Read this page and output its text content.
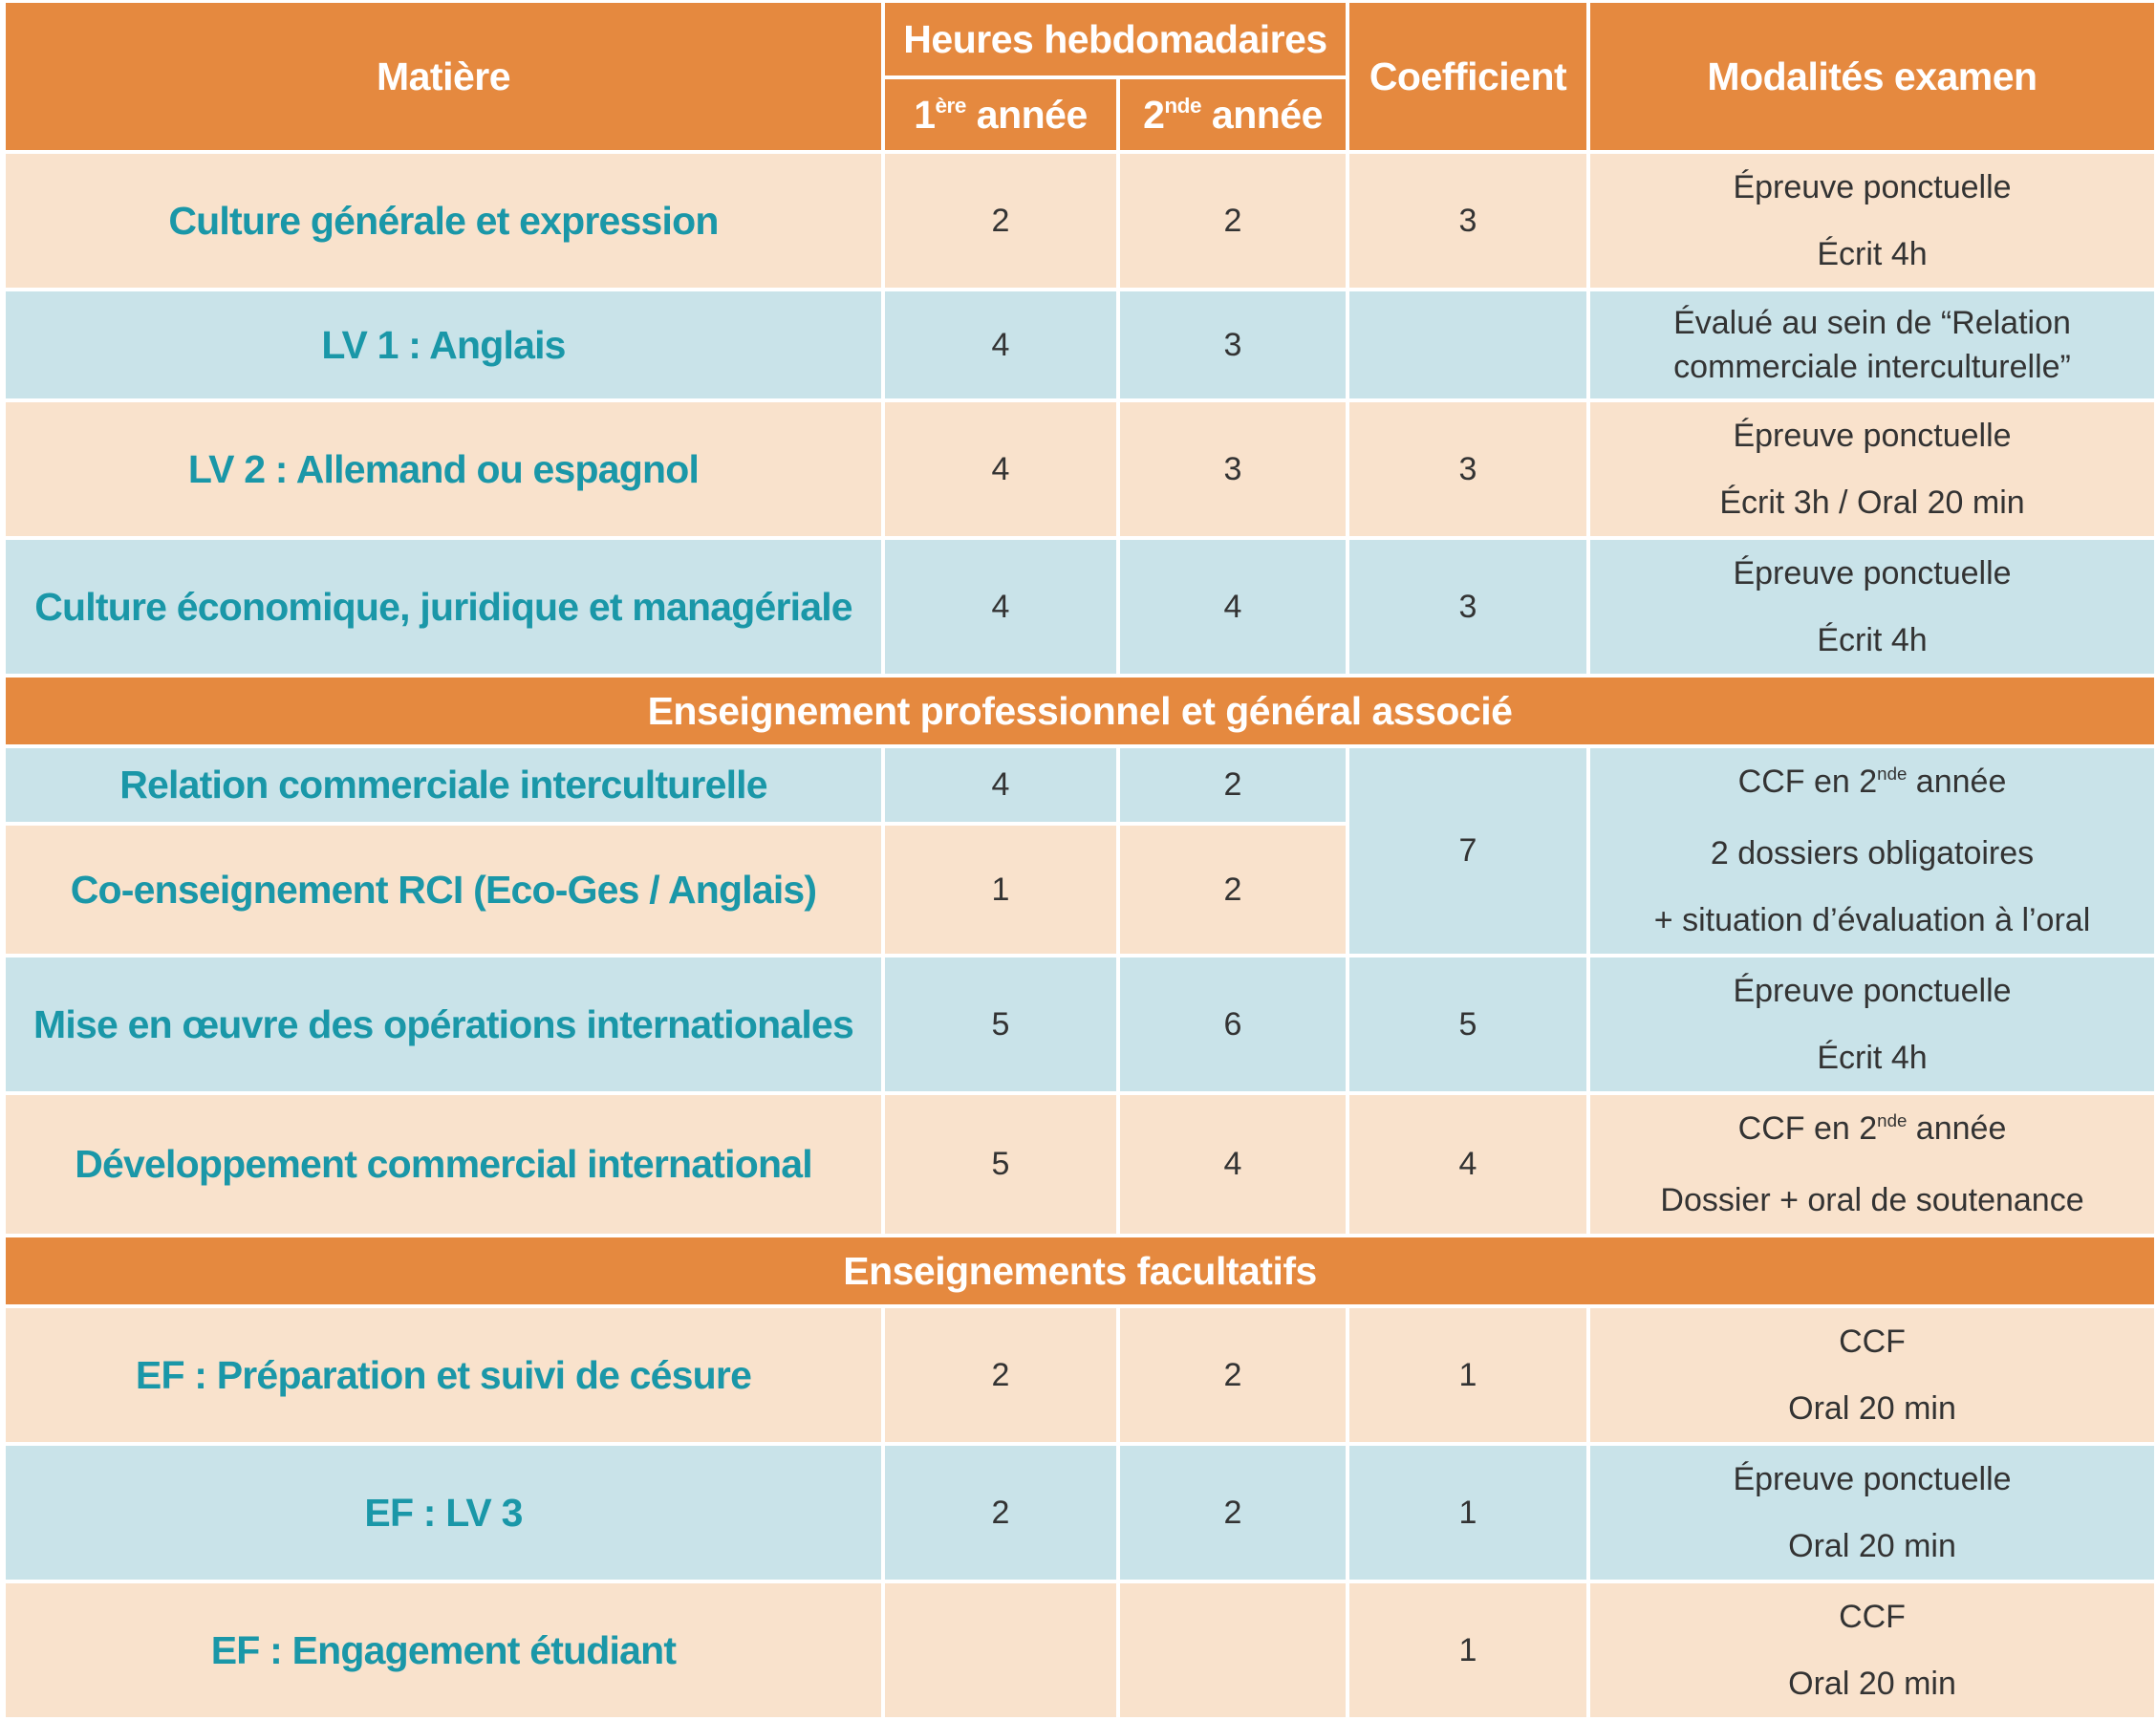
Matière	Heures hebdomadaires		Coefficient	Modalités examen
	1ère année	2nde année		
Culture générale et expression	2	2	3	Épreuve ponctuelle
Écrit 4h

LV 1 : Anglais	4	3		Évalué au sein de “Relation
commerciale interculturelle”

LV 2 : Allemand ou espagnol	4	3	3	Épreuve ponctuelle
Écrit 3h / Oral 20 min

Culture économique, juridique et managériale	4	4	3	Épreuve ponctuelle
Écrit 4h

Enseignement professionnel et général associé				
Relation commerciale interculturelle	4	2	7	CCF en 2nde année
2 dossiers obligatoires
+ situation d’évaluation à l’oral

Co-enseignement RCI (Eco-Ges / Anglais)	1	2		
Mise en œuvre des opérations internationales	5	6	5	Épreuve ponctuelle
Écrit 4h

Développement commercial international	5	4	4	CCF en 2nde année
Dossier + oral de soutenance

Enseignements facultatifs				
EF : Préparation et suivi de césure	2	2	1	CCF
Oral 20 min

EF : LV 3	2	2	1	Épreuve ponctuelle
Oral 20 min

EF : Engagement étudiant			1	CCF
Oral 20 min
